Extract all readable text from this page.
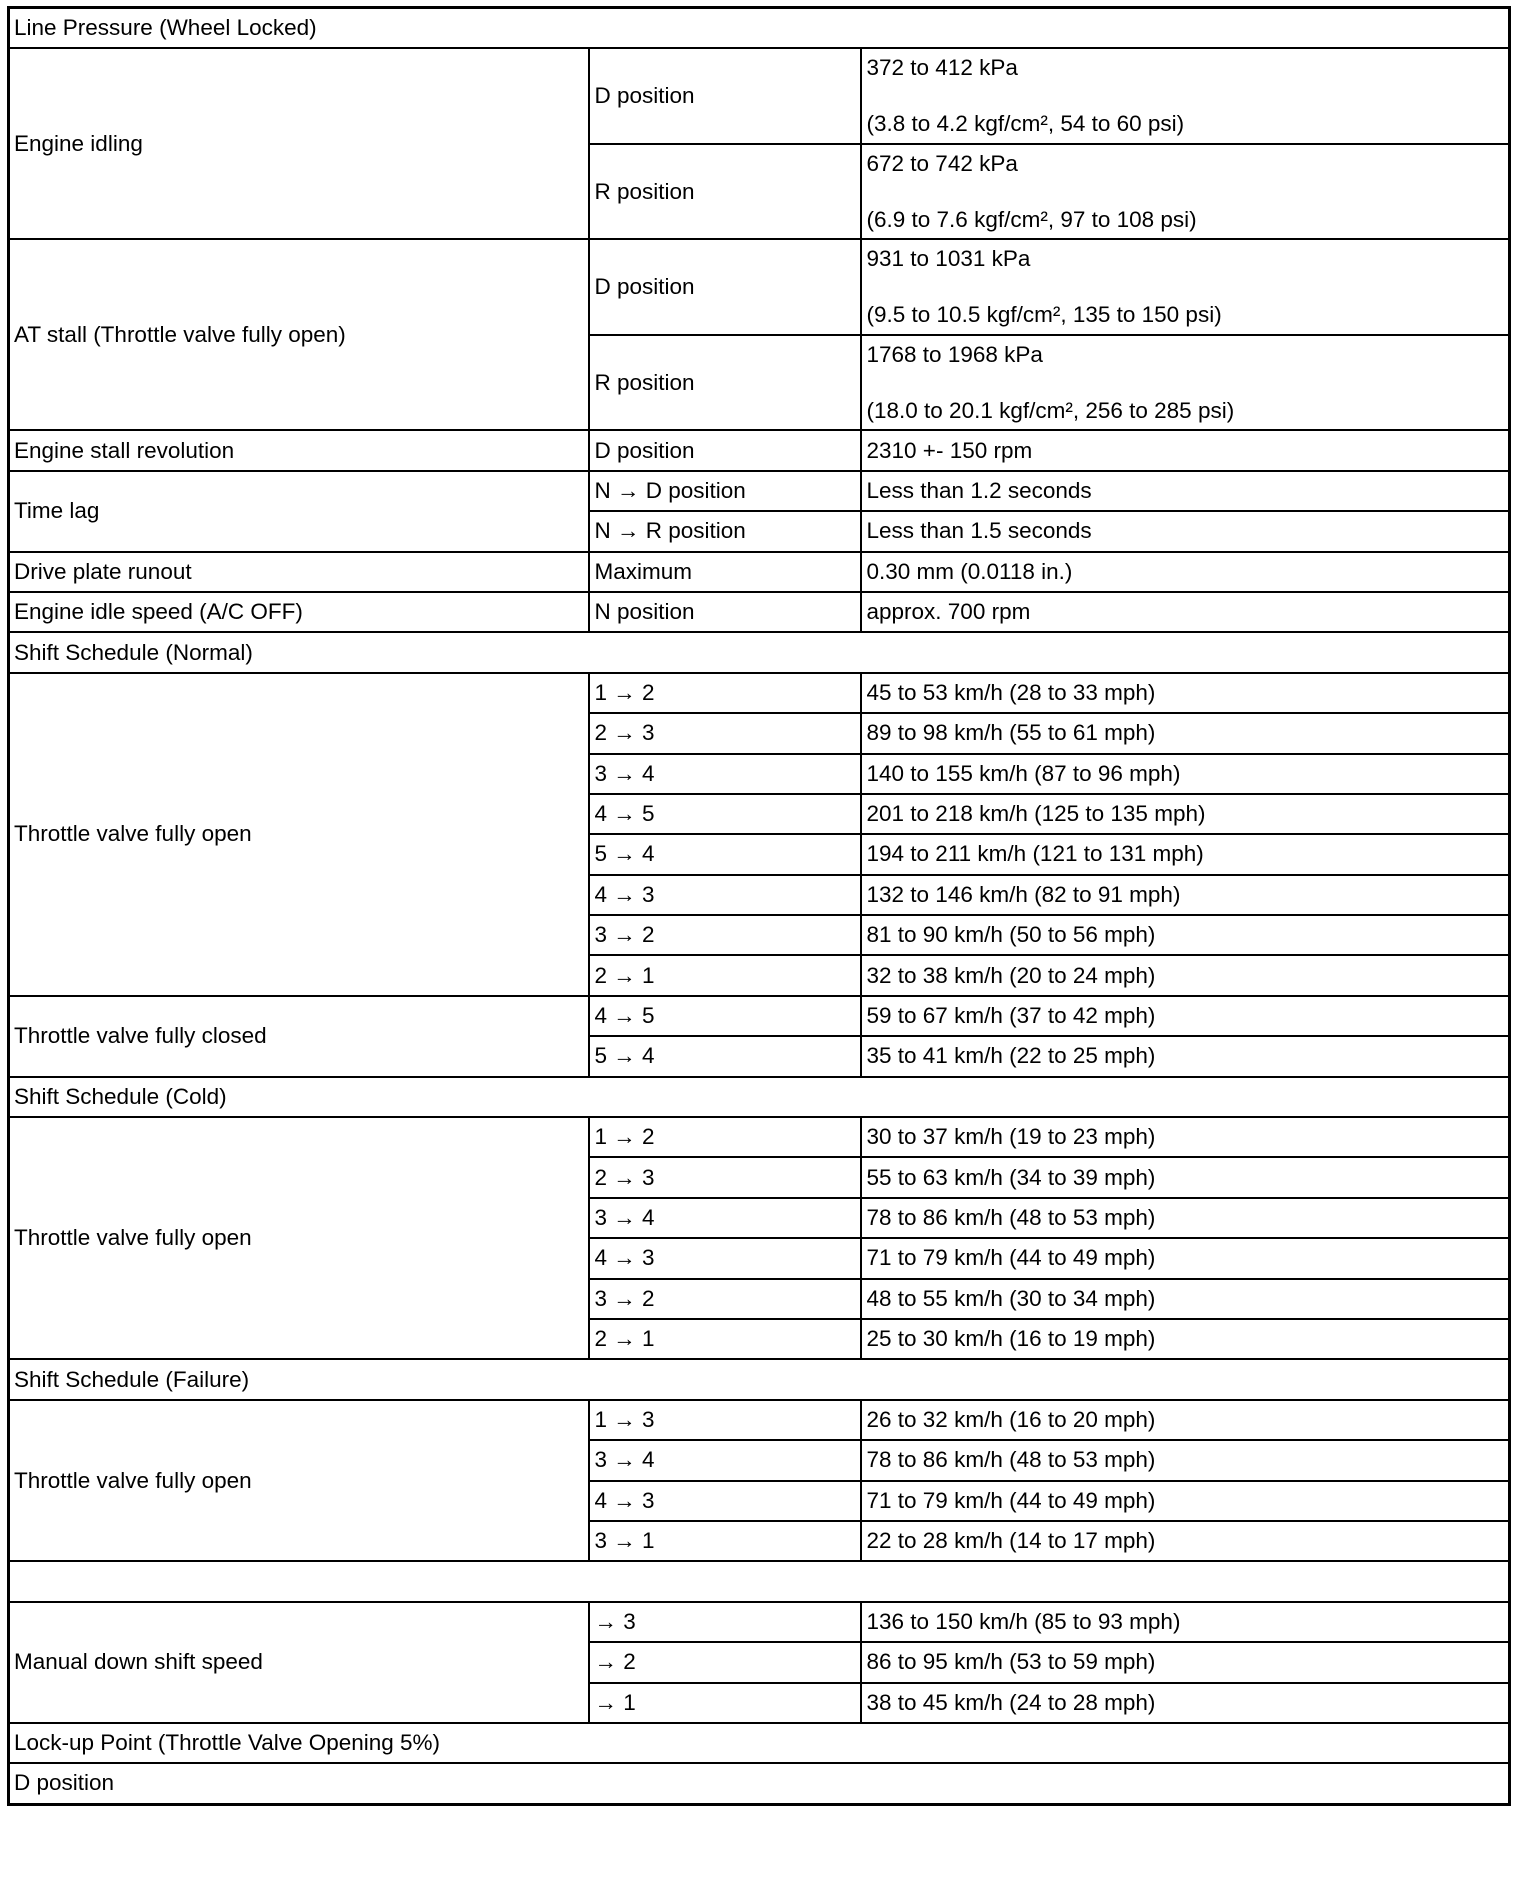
Line Pressure (Wheel Locked)		
Engine idling	D position	372 to 412 kPa
(3.8 to 4.2 kgf/cm², 54 to 60 psi)

	R position	672 to 742 kPa
(6.9 to 7.6 kgf/cm², 97 to 108 psi)

AT stall (Throttle valve fully open)	D position	931 to 1031 kPa
(9.5 to 10.5 kgf/cm², 135 to 150 psi)

	R position	1768 to 1968 kPa
(18.0 to 20.1 kgf/cm², 256 to 285 psi)

Engine stall revolution	D position	2310 +- 150 rpm
Time lag	N → D position	Less than 1.2 seconds
	N → R position	Less than 1.5 seconds
Drive plate runout	Maximum	0.30 mm (0.0118 in.)
Engine idle speed (A/C OFF)	N position	approx. 700 rpm
Shift Schedule (Normal)		
Throttle valve fully open	1 → 2	45 to 53 km/h (28 to 33 mph)
	2 → 3	89 to 98 km/h (55 to 61 mph)
	3 → 4	140 to 155 km/h (87 to 96 mph)
	4 → 5	201 to 218 km/h (125 to 135 mph)
	5 → 4	194 to 211 km/h (121 to 131 mph)
	4 → 3	132 to 146 km/h (82 to 91 mph)
	3 → 2	81 to 90 km/h (50 to 56 mph)
	2 → 1	32 to 38 km/h (20 to 24 mph)
Throttle valve fully closed	4 → 5	59 to 67 km/h (37 to 42 mph)
	5 → 4	35 to 41 km/h (22 to 25 mph)
Shift Schedule (Cold)		
Throttle valve fully open	1 → 2	30 to 37 km/h (19 to 23 mph)
	2 → 3	55 to 63 km/h (34 to 39 mph)
	3 → 4	78 to 86 km/h (48 to 53 mph)
	4 → 3	71 to 79 km/h (44 to 49 mph)
	3 → 2	48 to 55 km/h (30 to 34 mph)
	2 → 1	25 to 30 km/h (16 to 19 mph)
Shift Schedule (Failure)		
Throttle valve fully open	1 → 3	26 to 32 km/h (16 to 20 mph)
	3 → 4	78 to 86 km/h (48 to 53 mph)
	4 → 3	71 to 79 km/h (44 to 49 mph)
	3 → 1	22 to 28 km/h (14 to 17 mph)

Manual down shift speed	→ 3	136 to 150 km/h (85 to 93 mph)
	→ 2	86 to 95 km/h (53 to 59 mph)
	→ 1	38 to 45 km/h (24 to 28 mph)
Lock-up Point (Throttle Valve Opening 5%)		
D position		
